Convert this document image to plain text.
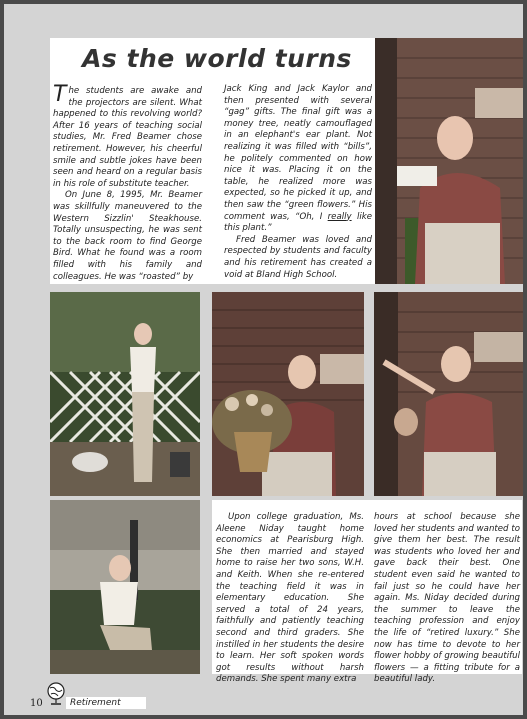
As the world turns

The students are awake and the projectors are silent. What happened to this revolving world? After 16 years of teaching social studies, Mr. Fred Beamer chose retirement. However, his cheerful smile and subtle jokes have been seen and heard on a regular basis in his role of substitute teacher.

On June 8, 1995, Mr. Beamer was skillfully maneuvered to the Western Sizzlin' Steakhouse. Totally unsuspecting, he was sent to the back room to find George Bird. What he found was a room filled with his family and colleagues. He was “roasted” by

Jack King and Jack Kaylor and then presented with several “gag” gifts. The final gift was a money tree, neatly camouflaged in an elephant's ear plant. Not realizing it was filled with “bills”, he politely commented on how nice it was. Placing it on the table, he realized more was expected, so he picked it up, and then saw the “green flowers.” His comment was, “Oh, I really like this plant.”

Fred Beamer was loved and respected by students and faculty and his retirement has created a void at Bland High School.

Upon college graduation, Ms. Aleene Niday taught home economics at Pearisburg High. She then married and stayed home to raise her two sons, W.H. and Keith. When she re-entered the teaching field it was in elementary education. She served a total of 24 years, faithfully and patiently teaching second and third graders. She instilled in her students the desire to learn. Her soft spoken words got results without harsh demands. She spent many extra

hours at school because she loved her students and wanted to give them her best. The result was students who loved her and gave back their best. One student even said he wanted to fail just so he could have her again. Ms. Niday decided during the summer to leave the teaching profession and enjoy the life of “retired luxury.” She now has time to devote to her flower hobby of growing beautiful flowers — a fitting tribute for a beautiful lady.

10	Retirement
